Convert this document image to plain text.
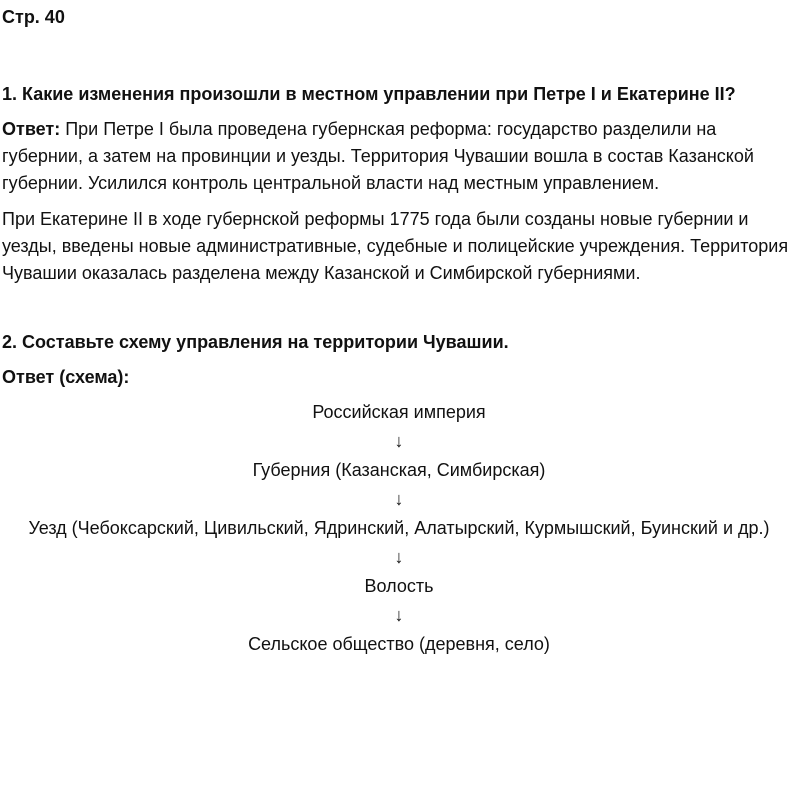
Стр. 40

1. Какие изменения произошли в местном управлении при Петре I и Екатерине II?

Ответ: При Петре I была проведена губернская реформа: государство разделили на губернии, а затем на провинции и уезды. Территория Чувашии вошла в состав Казанской губернии. Усилился контроль центральной власти над местным управлением.

При Екатерине II в ходе губернской реформы 1775 года были созданы новые губернии и уезды, введены новые административные, судебные и полицейские учреждения. Территория Чувашии оказалась разделена между Казанской и Симбирской губерниями.

2. Составьте схему управления на территории Чувашии.

Ответ (схема):

Российская империя

↓

Губерния (Казанская, Симбирская)

↓

Уезд (Чебоксарский, Цивильский, Ядринский, Алатырский, Курмышский, Буинский и др.)

↓

Волость

↓

Сельское общество (деревня, село)
